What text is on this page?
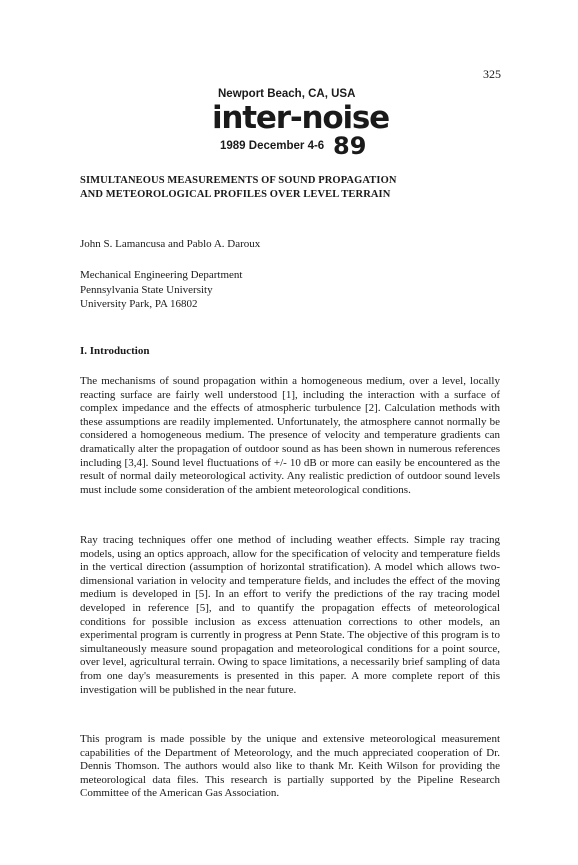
325
Newport Beach, CA, USA
inter-noise
1989 December 4-6 89
SIMULTANEOUS MEASUREMENTS OF SOUND PROPAGATION
AND METEOROLOGICAL PROFILES OVER LEVEL TERRAIN
John S. Lamancusa and Pablo A. Daroux
Mechanical Engineering Department
Pennsylvania State University
University Park, PA 16802
I. Introduction
The mechanisms of sound propagation within a homogeneous medium, over a level, locally reacting surface are fairly well understood [1], including the interaction with a surface of complex impedance and the effects of atmospheric turbulence [2]. Calculation methods with these assumptions are readily implemented. Unfortunately, the atmosphere cannot normally be considered a homogeneous medium. The presence of velocity and temperature gradients can dramatically alter the propagation of outdoor sound as has been shown in numerous references including [3,4]. Sound level fluctuations of +/- 10 dB or more can easily be encountered as the result of normal daily meteorological activity. Any realistic prediction of outdoor sound levels must include some consideration of the ambient meteorological conditions.
Ray tracing techniques offer one method of including weather effects. Simple ray tracing models, using an optics approach, allow for the specification of velocity and temperature fields in the vertical direction (assumption of horizontal stratification). A model which allows two-dimensional variation in velocity and temperature fields, and includes the effect of the moving medium is developed in [5]. In an effort to verify the predictions of the ray tracing model developed in reference [5], and to quantify the propagation effects of meteorological conditions for possible inclusion as excess attenuation corrections to other models, an experimental program is currently in progress at Penn State. The objective of this program is to simultaneously measure sound propagation and meteorological conditions for a point source, over level, agricultural terrain. Owing to space limitations, a necessarily brief sampling of data from one day's measurements is presented in this paper. A more complete report of this investigation will be published in the near future.
This program is made possible by the unique and extensive meteorological measurement capabilities of the Department of Meteorology, and the much appreciated cooperation of Dr. Dennis Thomson. The authors would also like to thank Mr. Keith Wilson for providing the meteorological data files. This research is partially supported by the Pipeline Research Committee of the American Gas Association.
